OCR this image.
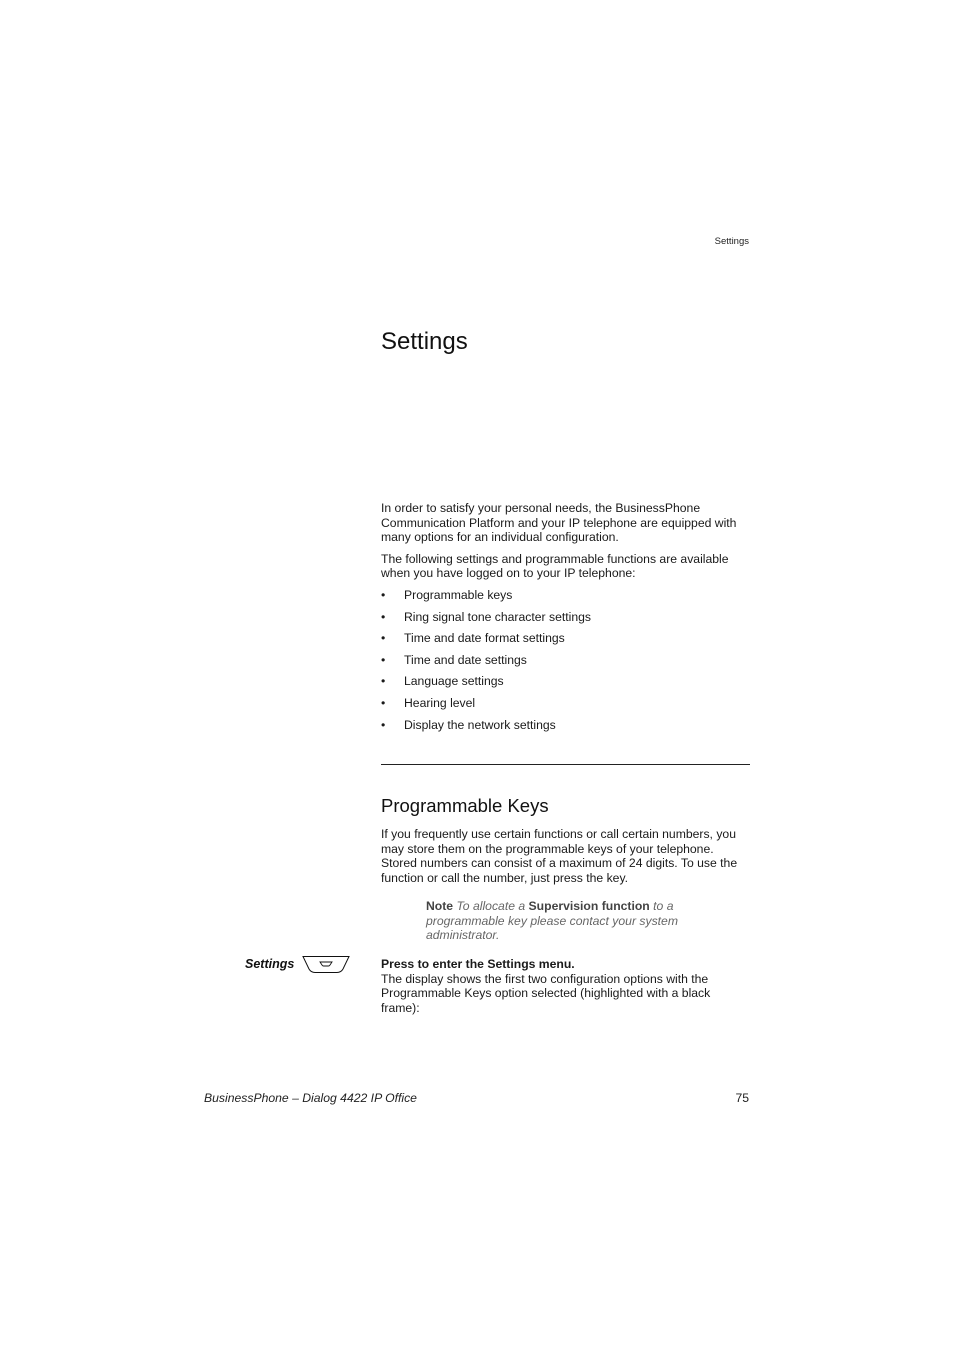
Settings
Settings

In order to satisfy your personal needs, the BusinessPhone Communication Platform and your IP telephone are equipped with many options for an individual configuration.

The following settings and programmable functions are available when you have logged on to your IP telephone:

• Programmable keys
• Ring signal tone character settings
• Time and date format settings
• Time and date settings
• Language settings
• Hearing level
• Display the network settings
Programmable Keys

If you frequently use certain functions or call certain numbers, you may store them on the programmable keys of your telephone. Stored numbers can consist of a maximum of 24 digits. To use the function or call the number, just press the key.

Note To allocate a Supervision function to a programmable key please contact your system administrator.
Settings	Press to enter the Settings menu.

The display shows the first two configuration options with the Programmable Keys option selected (highlighted with a black frame):

BusinessPhone – Dialog 4422 IP Office	75
